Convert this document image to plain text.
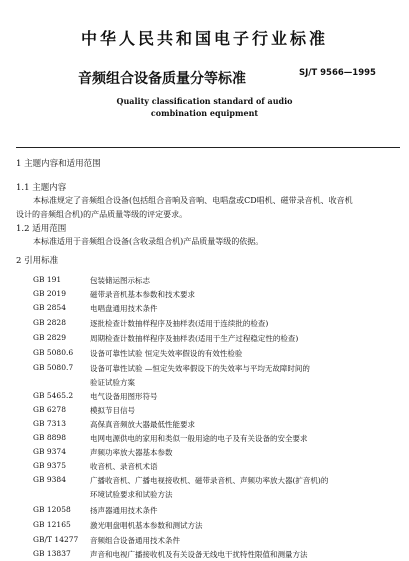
中华人民共和国电子行业标准
音频组合设备质量分等标准	SJ/T 9566—1995
Quality classification standard of audio
combination equipment
1 主题内容和适用范围
1.1 主题内容
本标准规定了音频组合设备(包括组合音响及音响、电唱盘或CD唱机、磁带录音机、收音机
设计的音频组合机)的产品质量等级的评定要求。
1.2 适用范围
本标准适用于音频组合设备(含收录组合机)产品质量等级的依据。
2 引用标准
GB 191	包装储运图示标志
GB 2019	磁带录音机基本参数和技术要求
GB 2854	电唱盘通用技术条件
GB 2828	逐批检查计数抽样程序及抽样表(适用于连续批的检查)
GB 2829	周期检查计数抽样程序及抽样表(适用于生产过程稳定性的检查)
GB 5080.6 设备可靠性试验 恒定失效率假设的有效性检验
GB 5080.7 设备可靠性试验 —恒定失效率假设下的失效率与平均无故障时间的
验证试验方案
GB 5465.2 电气设备用图形符号
GB 6278	模拟节目信号
GB 7313	高保真音频放大器最低性能要求
GB 8898	电网电源供电的家用和类似一般用途的电子及有关设备的安全要求
GB 9374	声频功率放大器基本参数
GB 9375	收音机、录音机术语
GB 9384	广播收音机、广播电视接收机、磁带录音机、声频功率放大器(扩音机)的
环境试验要求和试验方法
GB 12058	扬声器通用技术条件
GB 12165	激光唱盘唱机基本参数和测试方法
GB/T 14277 音频组合设备通用技术条件
GB 13837	声音和电视广播接收机及有关设备无线电干扰特性限值和测量方法
